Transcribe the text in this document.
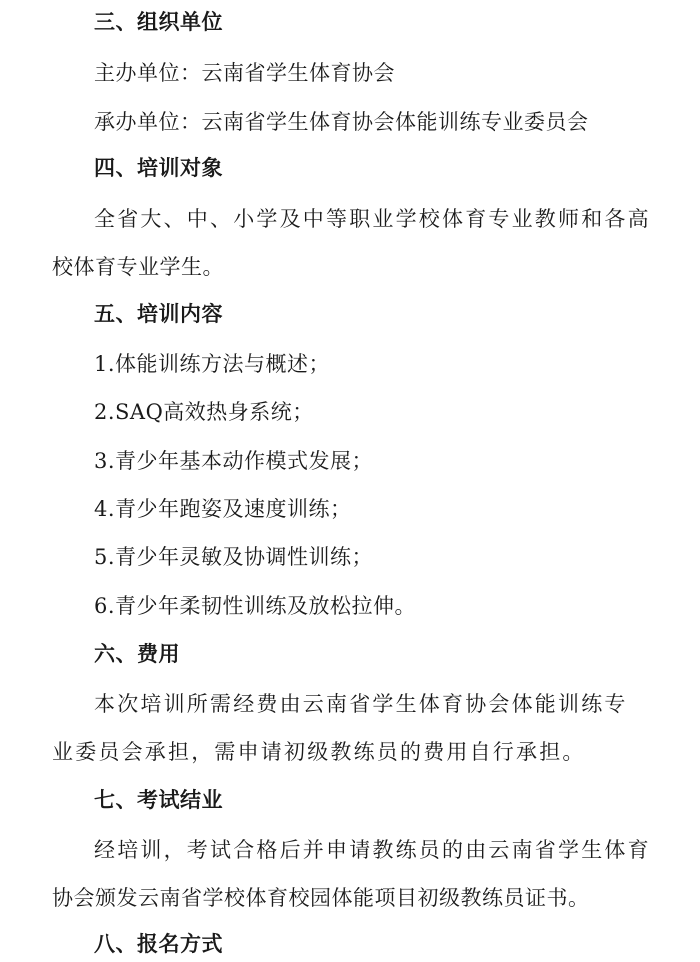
三、组织单位
主办单位：云南省学生体育协会
承办单位：云南省学生体育协会体能训练专业委员会
四、培训对象
全省大、中、小学及中等职业学校体育专业教师和各高
校体育专业学生。
五、培训内容
1.体能训练方法与概述；
2.SAQ高效热身系统；
3.青少年基本动作模式发展；
4.青少年跑姿及速度训练；
5.青少年灵敏及协调性训练；
6.青少年柔韧性训练及放松拉伸。
六、费用
本次培训所需经费由云南省学生体育协会体能训练专
业委员会承担，需申请初级教练员的费用自行承担。
七、考试结业
经培训，考试合格后并申请教练员的由云南省学生体育
协会颁发云南省学校体育校园体能项目初级教练员证书。
八、报名方式
